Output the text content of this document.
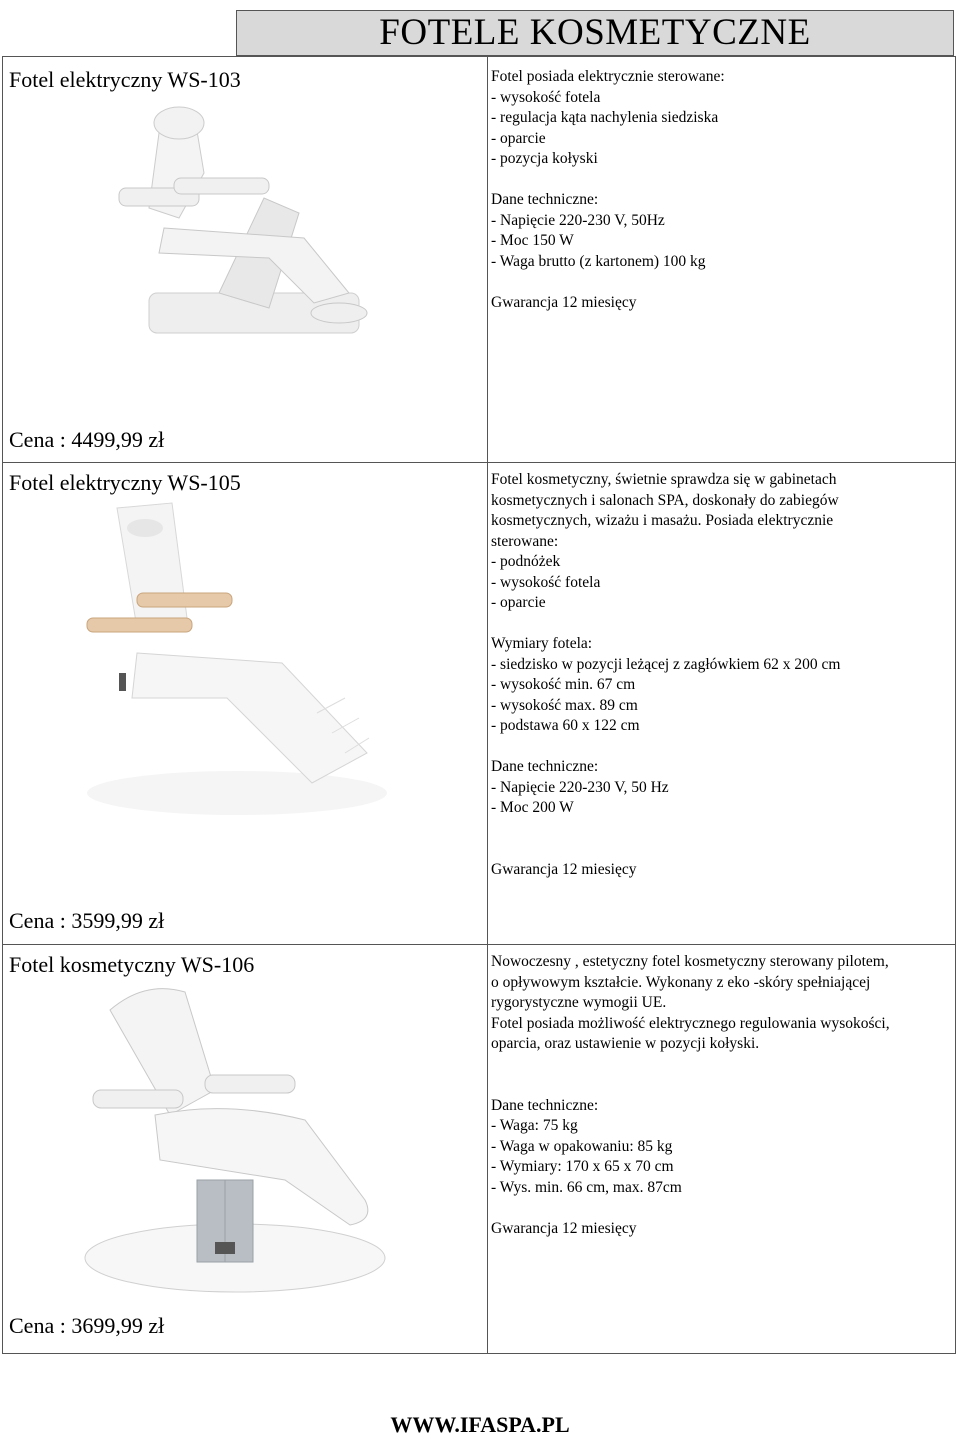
FOTELE KOSMETYCZNE
Fotel elektryczny WS-103	Fotel posiada elektrycznie sterowane:

- wysokość fotela

- regulacja kąta nachylenia siedziska

- oparcie

- pozycja kołyski

Dane techniczne:

- Napięcie 220-230 V, 50Hz

- Moc 150 W

- Waga brutto (z kartonem) 100 kg

Gwarancja 12 miesięcy

Cena : 4499,99 zł
Fotel elektryczny WS-105	Fotel kosmetyczny, świetnie sprawdza się w gabinetach

kosmetycznych i salonach SPA, doskonały do zabiegów

kosmetycznych, wizażu i masażu. Posiada elektrycznie

sterowane:

- podnóżek

- wysokość fotela

- oparcie

Wymiary fotela:

- siedzisko w pozycji leżącej z zagłówkiem 62 x 200 cm

- wysokość min. 67 cm

- wysokość max. 89 cm

- podstawa 60 x 122 cm

Dane techniczne:

- Napięcie 220-230 V, 50 Hz

- Moc 200 W

Gwarancja 12 miesięcy

Cena : 3599,99 zł
Fotel kosmetyczny WS-106	Nowoczesny , estetyczny fotel kosmetyczny sterowany pilotem,

o opływowym kształcie. Wykonany z eko -skóry spełniającej

rygorystyczne wymogii UE.

Fotel posiada możliwość elektrycznego regulowania wysokości,

oparcia, oraz ustawienie w pozycji kołyski.

Dane techniczne:

- Waga: 75 kg

- Waga w opakowaniu: 85 kg

- Wymiary: 170 x 65 x 70 cm

- Wys. min. 66 cm, max. 87cm

Gwarancja 12 miesięcy

Cena : 3699,99 zł
WWW.IFASPA.PL
